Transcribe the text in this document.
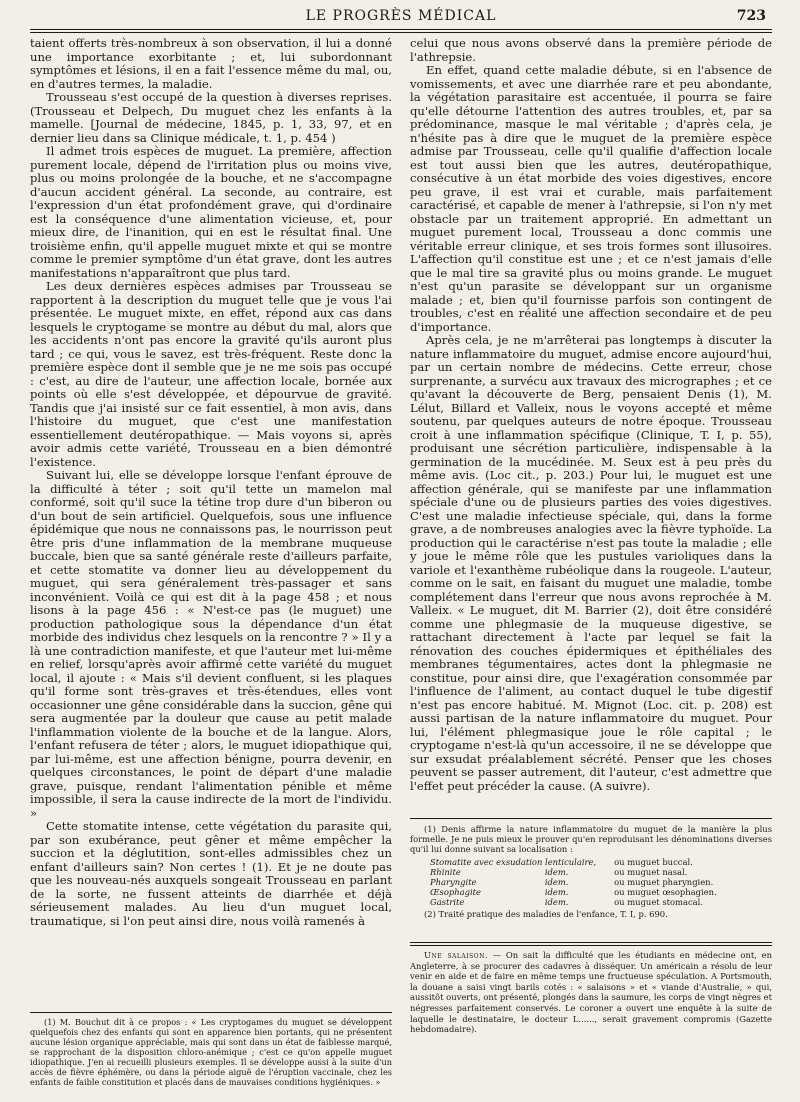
LE PROGRÈS MÉDICAL	723

taient offerts très-nombreux à son observation, il lui a donné une importance exorbitante ; et, lui subordonnant symptômes et lésions, il en a fait l'essence même du mal, ou, en d'autres termes, la maladie.

Trousseau s'est occupé de la question à diverses reprises. (Trousseau et Delpech, Du muguet chez les enfants à la mamelle. [Journal de médecine, 1845, p. 1, 33, 97, et en dernier lieu dans sa Clinique médicale, t. 1, p. 454 )

Il admet trois espèces de muguet. La première, affection purement locale, dépend de l'irritation plus ou moins vive, plus ou moins prolongée de la bouche, et ne s'accompagne d'aucun accident général. La seconde, au contraire, est l'expression d'un état profondément grave, qui d'ordinaire est la conséquence d'une alimentation vicieuse, et, pour mieux dire, de l'inanition, qui en est le résultat final. Une troisième enfin, qu'il appelle muguet mixte et qui se montre comme le premier symptôme d'un état grave, dont les autres manifestations n'apparaîtront que plus tard.

Les deux dernières espèces admises par Trousseau se rapportent à la description du muguet telle que je vous l'ai présentée. Le muguet mixte, en effet, répond aux cas dans lesquels le cryptogame se montre au début du mal, alors que les accidents n'ont pas encore la gravité qu'ils auront plus tard ; ce qui, vous le savez, est très-fréquent. Reste donc la première espèce dont il semble que je ne me sois pas occupé : c'est, au dire de l'auteur, une affection locale, bornée aux points où elle s'est développée, et dépourvue de gravité. Tandis que j'ai insisté sur ce fait essentiel, à mon avis, dans l'histoire du muguet, que c'est une manifestation essentiellement deutéropathique. — Mais voyons si, après avoir admis cette variété, Trousseau en a bien démontré l'existence.

Suivant lui, elle se développe lorsque l'enfant éprouve de la difficulté à téter ; soit qu'il tette un mamelon mal conformé, soit qu'il suce la tétine trop dure d'un biberon ou d'un bout de sein artificiel. Quelquefois, sous une influence épidémique que nous ne connaissons pas, le nourrisson peut être pris d'une inflammation de la membrane muqueuse buccale, bien que sa santé générale reste d'ailleurs parfaite, et cette stomatite va donner lieu au développement du muguet, qui sera généralement très-passager et sans inconvénient. Voilà ce qui est dit à la page 458 ; et nous lisons à la page 456 : « N'est-ce pas (le muguet) une production pathologique sous la dépendance d'un état morbide des individus chez lesquels on la rencontre ? » Il y a là une contradiction manifeste, et que l'auteur met lui-même en relief, lorsqu'après avoir affirmé cette variété du muguet local, il ajoute : « Mais s'il devient confluent, si les plaques qu'il forme sont très-graves et très-étendues, elles vont occasionner une gêne considérable dans la succion, gêne qui sera augmentée par la douleur que cause au petit malade l'inflammation violente de la bouche et de la langue. Alors, l'enfant refusera de téter ; alors, le muguet idiopathique qui, par lui-même, est une affection bénigne, pourra devenir, en quelques circonstances, le point de départ d'une maladie grave, puisque, rendant l'alimentation pénible et même impossible, il sera la cause indirecte de la mort de l'individu. »

Cette stomatite intense, cette végétation du parasite qui, par son exubérance, peut gêner et même empêcher la succion et la déglutition, sont-elles admissibles chez un enfant d'ailleurs sain? Non certes ! (1). Et je ne doute pas que les nouveau-nés auxquels songeait Trousseau en parlant de la sorte, ne fussent atteints de diarrhée et déjà sérieusement malades. Au lieu d'un muguet local, traumatique, si l'on peut ainsi dire, nous voilà ramenés à

(1) M. Bouchut dit à ce propos : « Les cryptogames du muguet se développent quelquefois chez des enfants qui sont en apparence bien portants, qui ne présentent aucune lésion organique appréciable, mais qui sont dans un état de faiblesse marqué, se rapprochant de la disposition chloro-anémique ; c'est ce qu'on appelle muguet idiopathique. J'en ai recueilli plusieurs exemples. Il se développe aussi à la suite d'un accès de fièvre éphémère, ou dans la période aiguë de l'éruption vaccinale, chez les enfants de faible constitution et placés dans de mauvaises conditions hygiéniques. »

celui que nous avons observé dans la première période de l'athrepsie.

En effet, quand cette maladie débute, si en l'absence de vomissements, et avec une diarrhée rare et peu abondante, la végétation parasitaire est accentuée, il pourra se faire qu'elle détourne l'attention des autres troubles, et, par sa prédominance, masque le mal véritable ; d'après cela, je n'hésite pas à dire que le muguet de la première espèce admise par Trousseau, celle qu'il qualifie d'affection locale est tout aussi bien que les autres, deutéropathique, consécutive à un état morbide des voies digestives, encore peu grave, il est vrai et curable, mais parfaitement caractérisé, et capable de mener à l'athrepsie, si l'on n'y met obstacle par un traitement approprié. En admettant un muguet purement local, Trousseau a donc commis une véritable erreur clinique, et ses trois formes sont illusoires. L'affection qu'il constitue est une ; et ce n'est jamais d'elle que le mal tire sa gravité plus ou moins grande. Le muguet n'est qu'un parasite se développant sur un organisme malade ; et, bien qu'il fournisse parfois son contingent de troubles, c'est en réalité une affection secondaire et de peu d'importance.

Après cela, je ne m'arrêterai pas longtemps à discuter la nature inflammatoire du muguet, admise encore aujourd'hui, par un certain nombre de médecins. Cette erreur, chose surprenante, a survécu aux travaux des micrographes ; et ce qu'avant la découverte de Berg, pensaient Denis (1), M. Lélut, Billard et Valleix, nous le voyons accepté et même soutenu, par quelques auteurs de notre époque. Trousseau croit à une inflammation spécifique (Clinique, T. I, p. 55), produisant une sécrétion particulière, indispensable à la germination de la mucédinée. M. Seux est à peu près du même avis. (Loc cit., p. 203.) Pour lui, le muguet est une affection générale, qui se manifeste par une inflammation spéciale d'une ou de plusieurs parties des voies digestives. C'est une maladie infectieuse spéciale, qui, dans la forme grave, a de nombreuses analogies avec la fièvre typhoïde. La production qui le caractérise n'est pas toute la maladie ; elle y joue le même rôle que les pustules varioliques dans la variole et l'exanthème rubéolique dans la rougeole. L'auteur, comme on le sait, en faisant du muguet une maladie, tombe complétement dans l'erreur que nous avons reprochée à M. Valleix. « Le muguet, dit M. Barrier (2), doit être considéré comme une phlegmasie de la muqueuse digestive, se rattachant directement à l'acte par lequel se fait la rénovation des couches épidermiques et épithéliales des membranes tégumentaires, actes dont la phlegmasie ne constitue, pour ainsi dire, que l'exagération consommée par l'influence de l'aliment, au contact duquel le tube digestif n'est pas encore habitué. M. Mignot (Loc. cit. p. 208) est aussi partisan de la nature inflammatoire du muguet. Pour lui, l'élément phlegmasique joue le rôle capital ; le cryptogame n'est-là qu'un accessoire, il ne se développe que sur exsudat préalablement sécrété. Penser que les choses peuvent se passer autrement, dit l'auteur, c'est admettre que l'effet peut précéder la cause. (A suivre).

(1) Denis affirme la nature inflammatoire du muguet de la manière la plus formelle. Je ne puis mieux le prouver qu'en reproduisant les dénominations diverses qu'il lui donne suivant sa localisation :

Stomatite avec exsudation lenticulaire,		ou muguet buccal.
Rhinite	idem.	ou muguet nasal.
Pharyngite	idem.	ou muguet pharyngien.
Œsophagite	idem.	ou muguet œsophagien.
Gastrite	idem.	ou muguet stomacal.

(2) Traité pratique des maladies de l'enfance, T. I, p. 690.

Une salaison. — On sait la difficulté que les étudiants en médecine ont, en Angleterre, à se procurer des cadavres à disséquer. Un américain a résolu de leur venir en aide et de faire en même temps une fructueuse spéculation. A Portsmouth, la douane a saisi vingt barils cotés : « salaisons » et « viande d'Australie, » qui, aussitôt ouverts, ont présenté, plongés dans la saumure, les corps de vingt nègres et négresses parfaitement conservés. Le coroner a ouvert une enquête à la suite de laquelle le destinataire, le docteur L......, serait gravement compromis (Gazette hebdomadaire).
